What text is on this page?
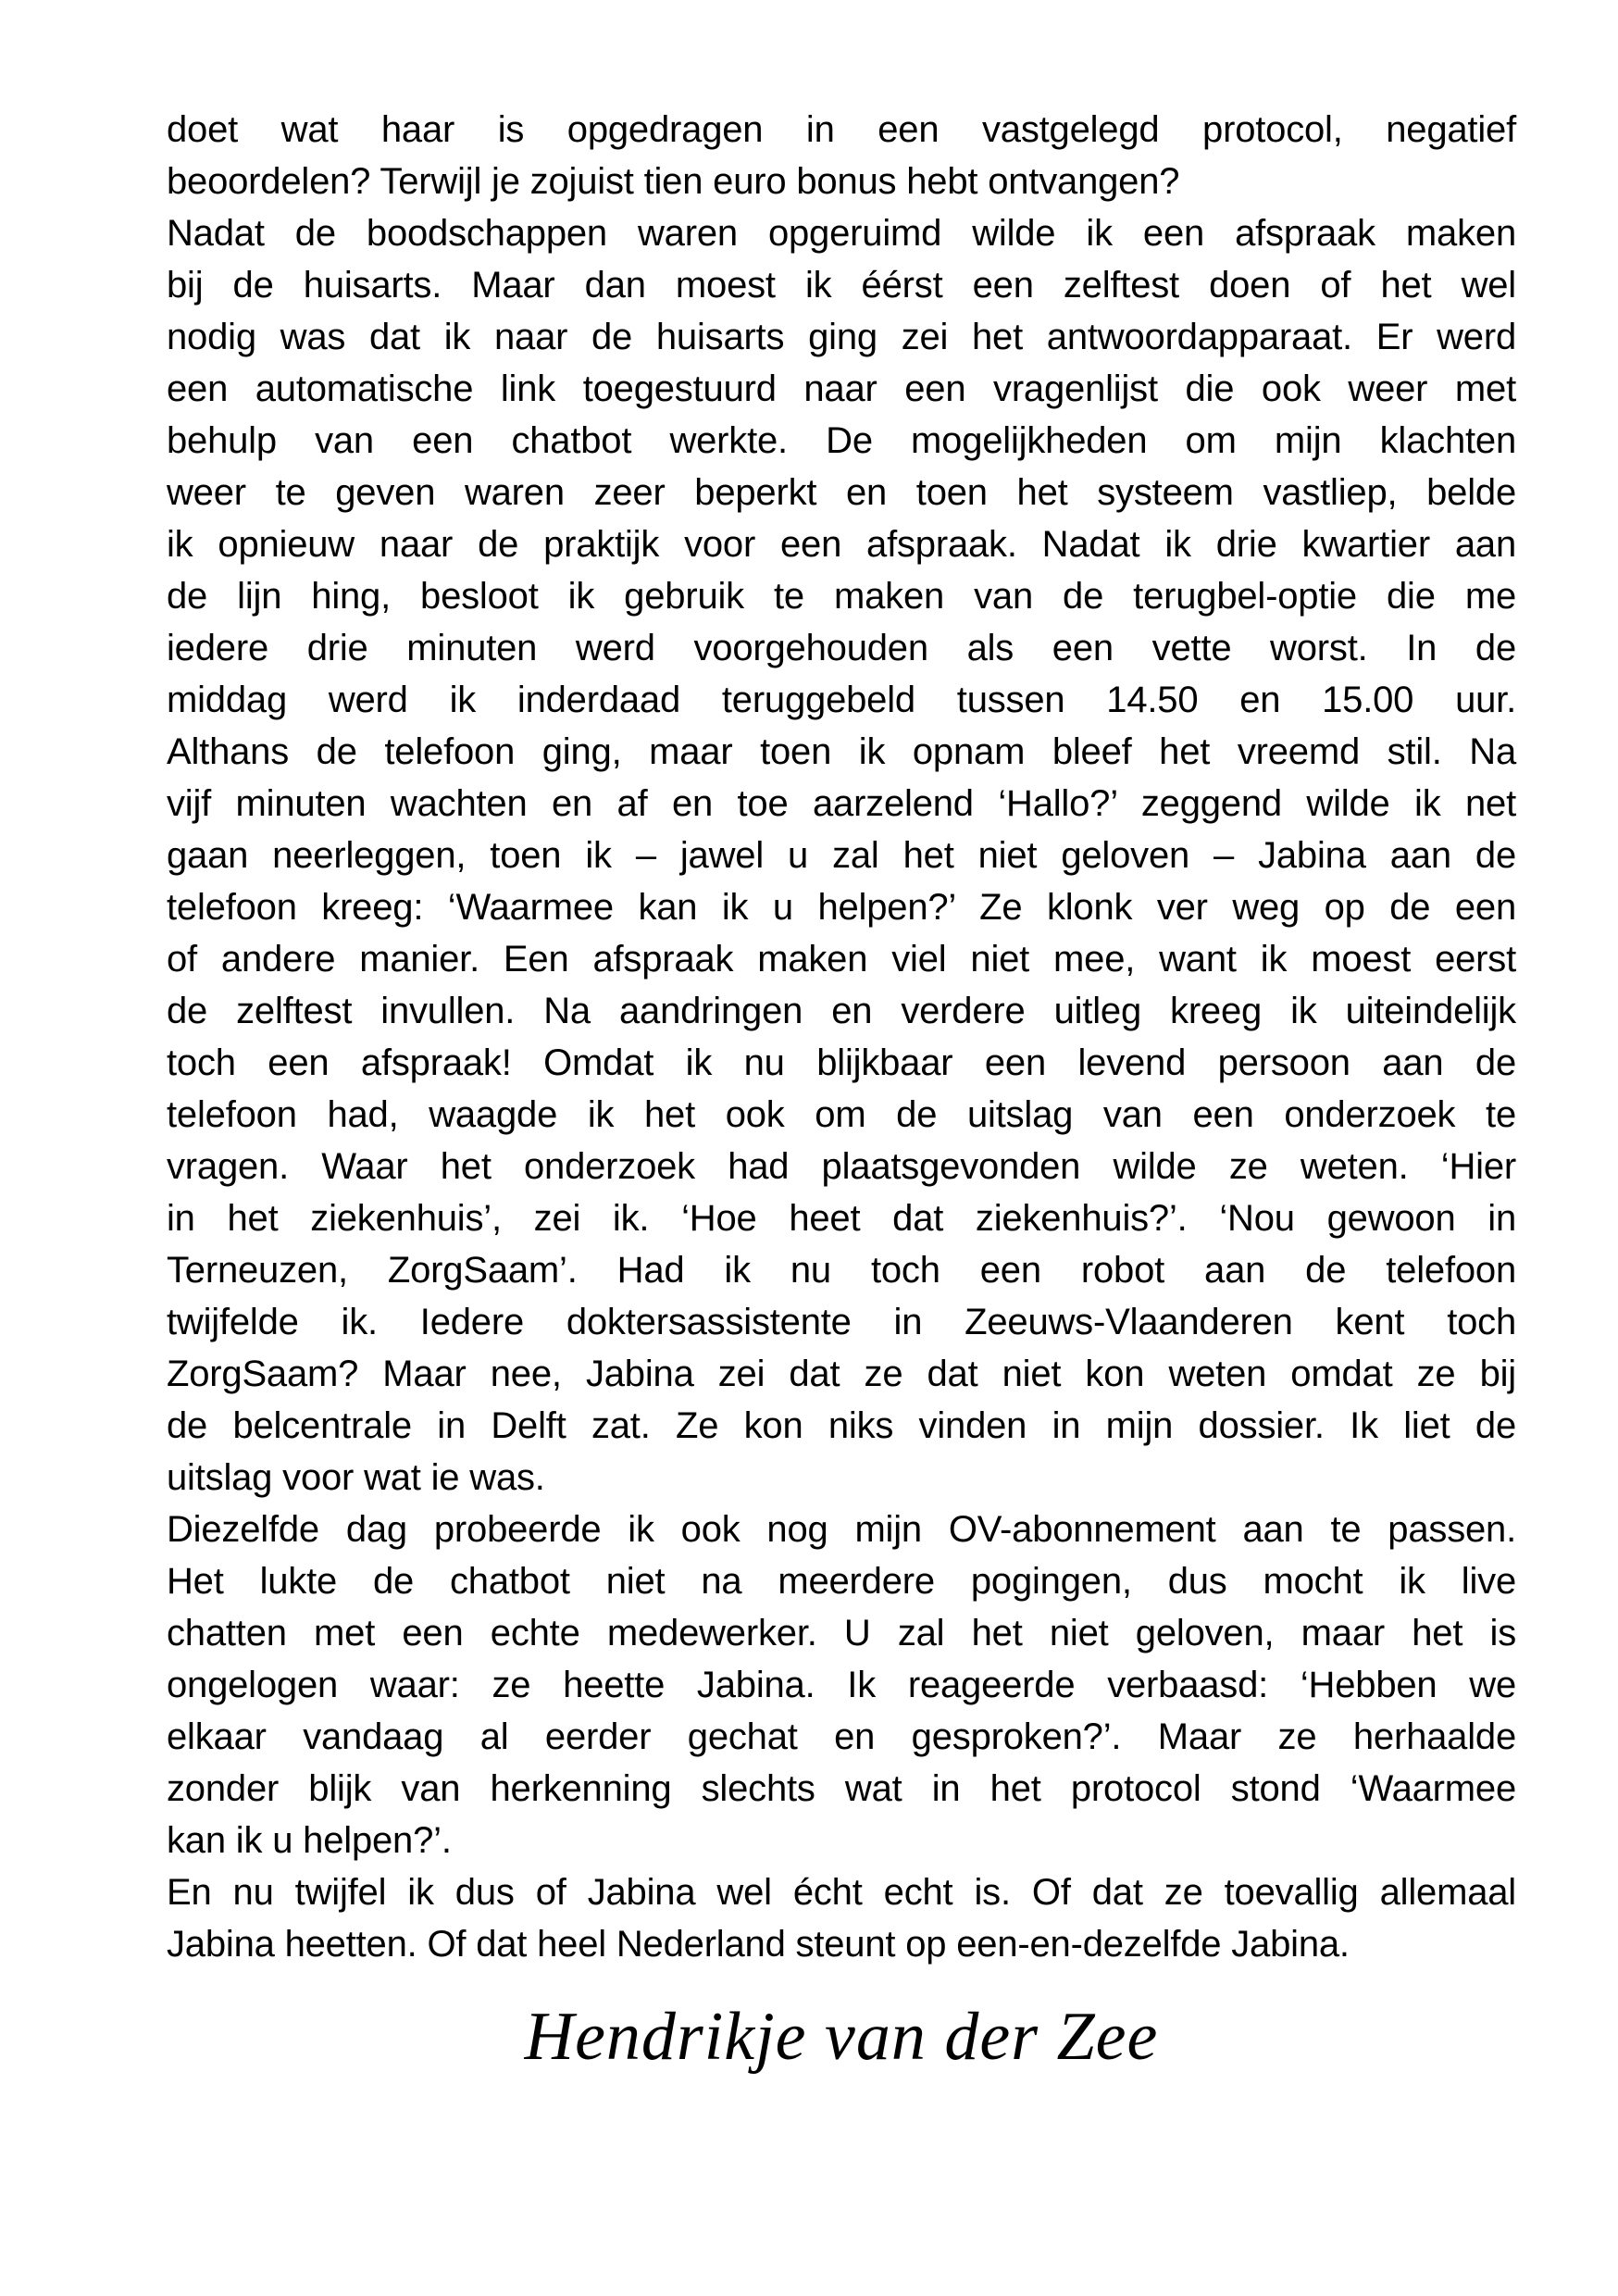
doet wat haar is opgedragen in een vastgelegd protocol, negatief
beoordelen? Terwijl je zojuist tien euro bonus hebt ontvangen?

Nadat de boodschappen waren opgeruimd wilde ik een afspraak maken
bij de huisarts. Maar dan moest ik éérst een zelftest doen of het wel
nodig was dat ik naar de huisarts ging zei het antwoordapparaat. Er werd
een automatische link toegestuurd naar een vragenlijst die ook weer met
behulp van een chatbot werkte. De mogelijkheden om mijn klachten
weer te geven waren zeer beperkt en toen het systeem vastliep, belde
ik opnieuw naar de praktijk voor een afspraak. Nadat ik drie kwartier aan
de lijn hing, besloot ik gebruik te maken van de terugbel-optie die me
iedere drie minuten werd voorgehouden als een vette worst. In de
middag werd ik inderdaad teruggebeld tussen 14.50 en 15.00 uur.
Althans de telefoon ging, maar toen ik opnam bleef het vreemd stil. Na
vijf minuten wachten en af en toe aarzelend ‘Hallo?’ zeggend wilde ik net
gaan neerleggen, toen ik – jawel u zal het niet geloven – Jabina aan de
telefoon kreeg: ‘Waarmee kan ik u helpen?’ Ze klonk ver weg op de een
of andere manier. Een afspraak maken viel niet mee, want ik moest eerst
de zelftest invullen. Na aandringen en verdere uitleg kreeg ik uiteindelijk
toch een afspraak! Omdat ik nu blijkbaar een levend persoon aan de
telefoon had, waagde ik het ook om de uitslag van een onderzoek te
vragen. Waar het onderzoek had plaatsgevonden wilde ze weten. ‘Hier
in het ziekenhuis’, zei ik. ‘Hoe heet dat ziekenhuis?’. ‘Nou gewoon in
Terneuzen, ZorgSaam’. Had ik nu toch een robot aan de telefoon
twijfelde ik. Iedere doktersassistente in Zeeuws-Vlaanderen kent toch
ZorgSaam? Maar nee, Jabina zei dat ze dat niet kon weten omdat ze bij
de belcentrale in Delft zat. Ze kon niks vinden in mijn dossier. Ik liet de
uitslag voor wat ie was.

Diezelfde dag probeerde ik ook nog mijn OV-abonnement aan te passen.
Het lukte de chatbot niet na meerdere pogingen, dus mocht ik live
chatten met een echte medewerker. U zal het niet geloven, maar het is
ongelogen waar: ze heette Jabina. Ik reageerde verbaasd: ‘Hebben we
elkaar vandaag al eerder gechat en gesproken?’. Maar ze herhaalde
zonder blijk van herkenning slechts wat in het protocol stond ‘Waarmee
kan ik u helpen?’.

En nu twijfel ik dus of Jabina wel écht echt is. Of dat ze toevallig allemaal
Jabina heetten. Of dat heel Nederland steunt op een-en-dezelfde Jabina.

Hendrikje van der Zee
